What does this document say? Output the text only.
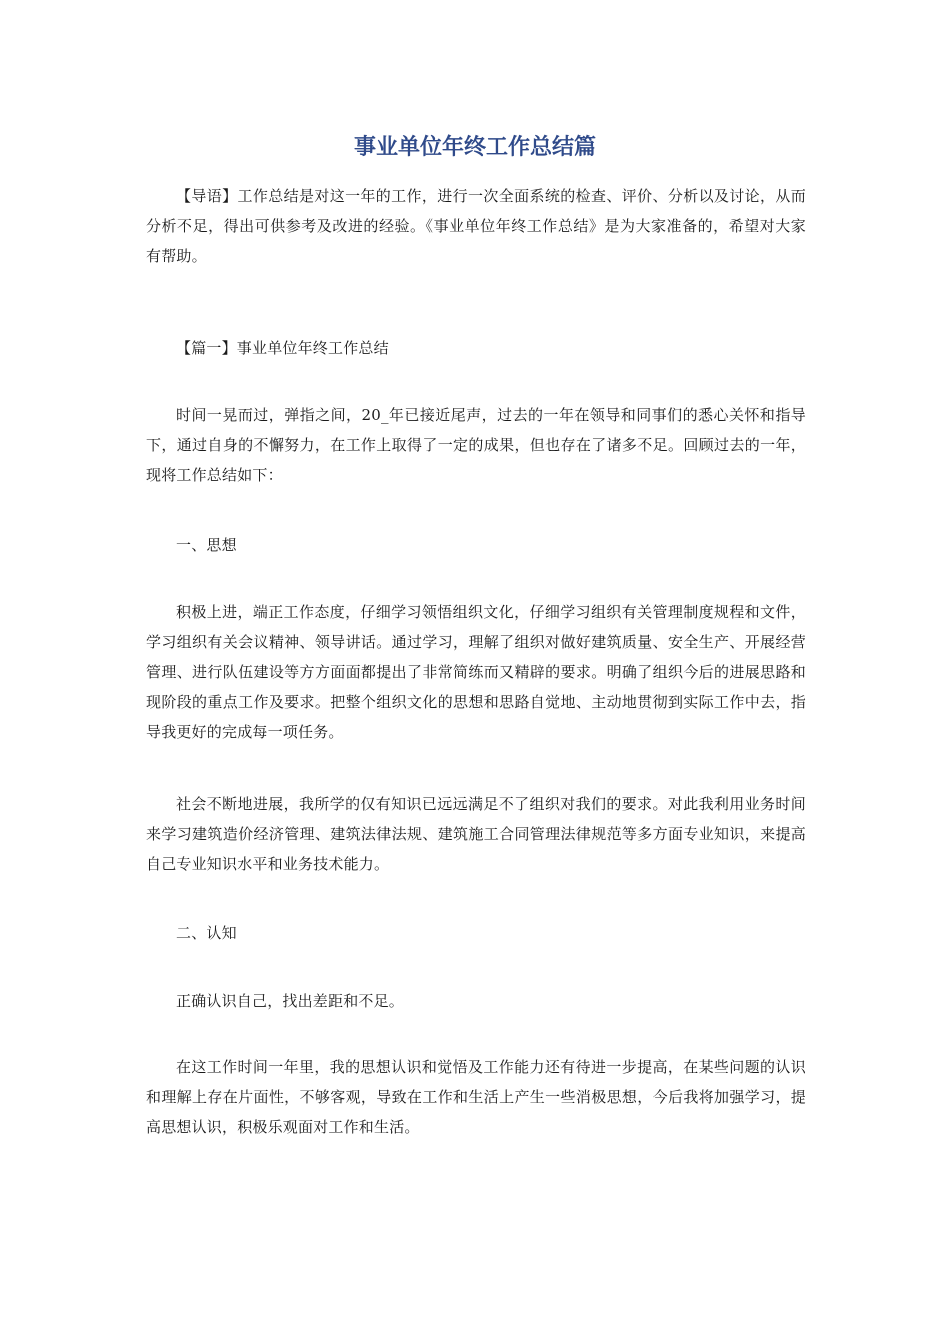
事业单位年终工作总结篇

【导语】工作总结是对这一年的工作，进行一次全面系统的检查、评价、分析以及讨论，从而分析不足，得出可供参考及改进的经验。《事业单位年终工作总结》是为大家准备的，希望对大家有帮助。

【篇一】事业单位年终工作总结

时间一晃而过，弹指之间，20_年已接近尾声，过去的一年在领导和同事们的悉心关怀和指导下，通过自身的不懈努力，在工作上取得了一定的成果，但也存在了诸多不足。回顾过去的一年，现将工作总结如下：

一、思想

积极上进，端正工作态度，仔细学习领悟组织文化，仔细学习组织有关管理制度规程和文件，学习组织有关会议精神、领导讲话。通过学习，理解了组织对做好建筑质量、安全生产、开展经营管理、进行队伍建设等方方面面都提出了非常简练而又精辟的要求。明确了组织今后的进展思路和现阶段的重点工作及要求。把整个组织文化的思想和思路自觉地、主动地贯彻到实际工作中去，指导我更好的完成每一项任务。

社会不断地进展，我所学的仅有知识已远远满足不了组织对我们的要求。对此我利用业务时间来学习建筑造价经济管理、建筑法律法规、建筑施工合同管理法律规范等多方面专业知识，来提高自己专业知识水平和业务技术能力。

二、认知

正确认识自己，找出差距和不足。

在这工作时间一年里，我的思想认识和觉悟及工作能力还有待进一步提高，在某些问题的认识和理解上存在片面性，不够客观，导致在工作和生活上产生一些消极思想，今后我将加强学习，提高思想认识，积极乐观面对工作和生活。
